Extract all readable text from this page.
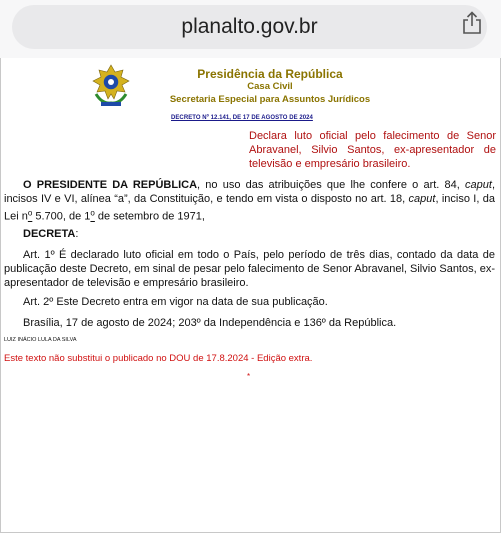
planalto.gov.br
Presidência da República
Casa Civil
Secretaria Especial para Assuntos Jurídicos
DECRETO Nº 12.141, DE 17 DE AGOSTO DE 2024
Declara luto oficial pelo falecimento de Senor Abravanel, Silvio Santos, ex-apresentador de televisão e empresário brasileiro.
O PRESIDENTE DA REPÚBLICA, no uso das atribuições que lhe confere o art. 84, caput, incisos IV e VI, alínea “a”, da Constituição, e tendo em vista o disposto no art. 18, caput, inciso I, da Lei $n^o$ 5.700, de 1$^o$ de setembro de 1971,
DECRETA:
Art. 1º É declarado luto oficial em todo o País, pelo período de três dias, contado da data de publicação deste Decreto, em sinal de pesar pelo falecimento de Senor Abravanel, Silvio Santos, ex-apresentador de televisão e empresário brasileiro.
Art. 2º Este Decreto entra em vigor na data de sua publicação.
Brasília, 17 de agosto de 2024; 203º da Independência e 136º da República.
LUIZ INÁCIO LULA DA SILVA
Este texto não substitui o publicado no DOU de 17.8.2024 - Edição extra.
*
